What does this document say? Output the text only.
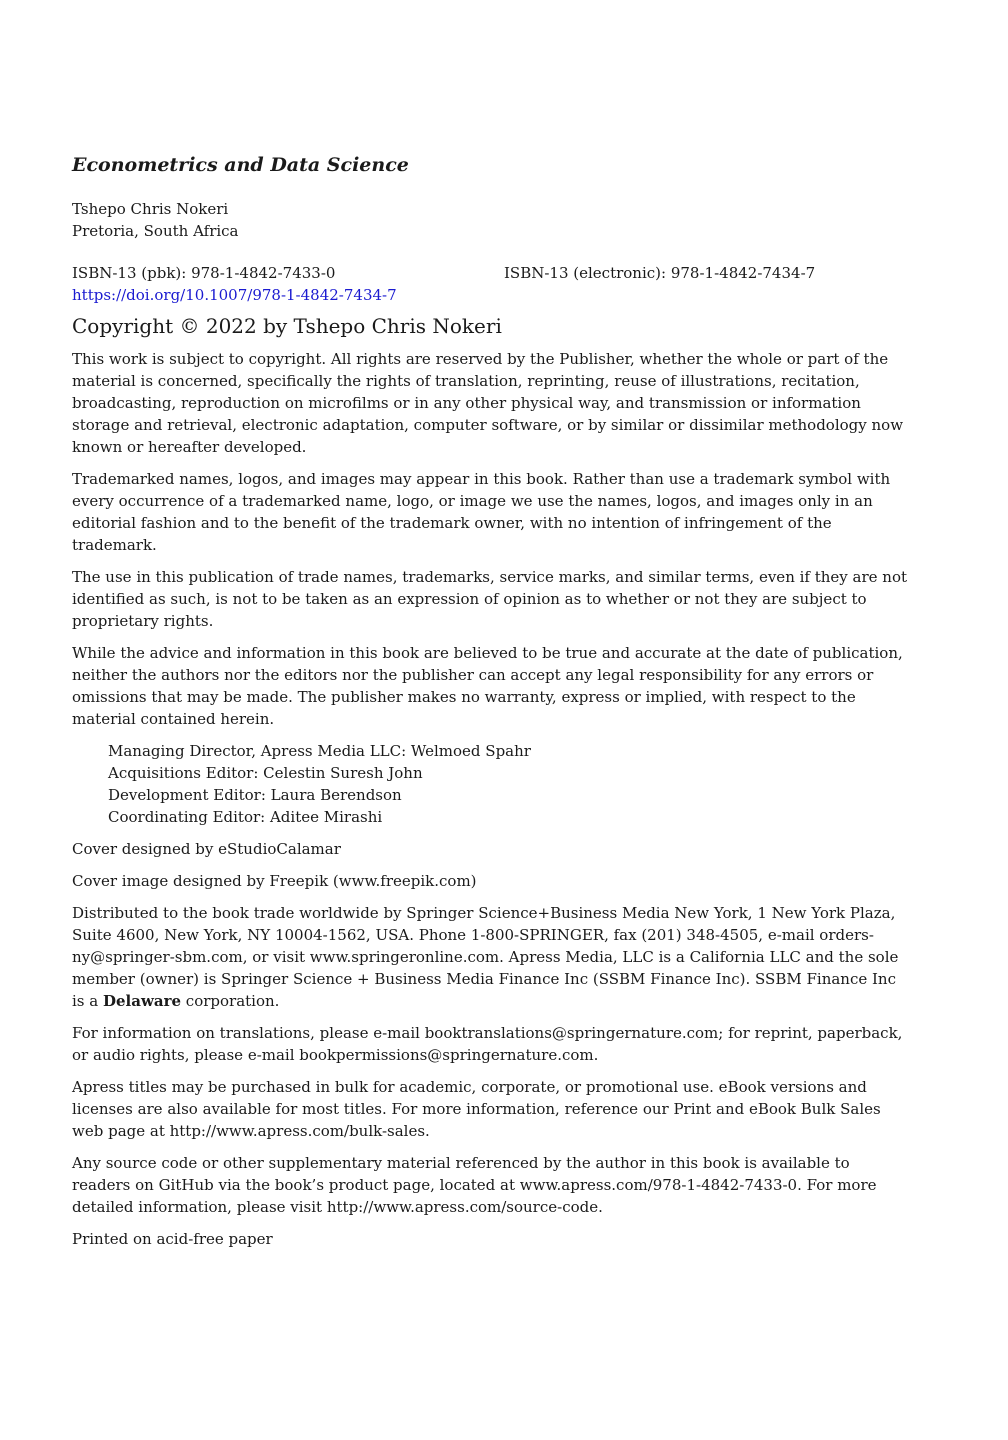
Econometrics and Data Science
Tshepo Chris Nokeri
Pretoria, South Africa
ISBN-13 (pbk): 978-1-4842-7433-0	ISBN-13 (electronic): 978-1-4842-7434-7
https://doi.org/10.1007/978-1-4842-7434-7
Copyright © 2022 by Tshepo Chris Nokeri

This work is subject to copyright. All rights are reserved by the Publisher, whether the whole or part of the material is concerned, specifically the rights of translation, reprinting, reuse of illustrations, recitation, broadcasting, reproduction on microfilms or in any other physical way, and transmission or information storage and retrieval, electronic adaptation, computer software, or by similar or dissimilar methodology now known or hereafter developed.

Trademarked names, logos, and images may appear in this book. Rather than use a trademark symbol with every occurrence of a trademarked name, logo, or image we use the names, logos, and images only in an editorial fashion and to the benefit of the trademark owner, with no intention of infringement of the trademark.

The use in this publication of trade names, trademarks, service marks, and similar terms, even if they are not identified as such, is not to be taken as an expression of opinion as to whether or not they are subject to proprietary rights.

While the advice and information in this book are believed to be true and accurate at the date of publication, neither the authors nor the editors nor the publisher can accept any legal responsibility for any errors or omissions that may be made. The publisher makes no warranty, express or implied, with respect to the material contained herein.

Managing Director, Apress Media LLC: Welmoed Spahr
Acquisitions Editor: Celestin Suresh John
Development Editor: Laura Berendson
Coordinating Editor: Aditee Mirashi

Cover designed by eStudioCalamar

Cover image designed by Freepik (www.freepik.com)

Distributed to the book trade worldwide by Springer Science+Business Media New York, 1 New York Plaza, Suite 4600, New York, NY 10004-1562, USA. Phone 1-800-SPRINGER, fax (201) 348-4505, e-mail orders-ny@springer-sbm.com, or visit www.springeronline.com. Apress Media, LLC is a California LLC and the sole member (owner) is Springer Science + Business Media Finance Inc (SSBM Finance Inc). SSBM Finance Inc is a Delaware corporation.

For information on translations, please e-mail booktranslations@springernature.com; for reprint, paperback, or audio rights, please e-mail bookpermissions@springernature.com.

Apress titles may be purchased in bulk for academic, corporate, or promotional use. eBook versions and licenses are also available for most titles. For more information, reference our Print and eBook Bulk Sales web page at http://www.apress.com/bulk-sales.

Any source code or other supplementary material referenced by the author in this book is available to readers on GitHub via the book’s product page, located at www.apress.com/978-1-4842-7433-0. For more detailed information, please visit http://www.apress.com/source-code.

Printed on acid-free paper
